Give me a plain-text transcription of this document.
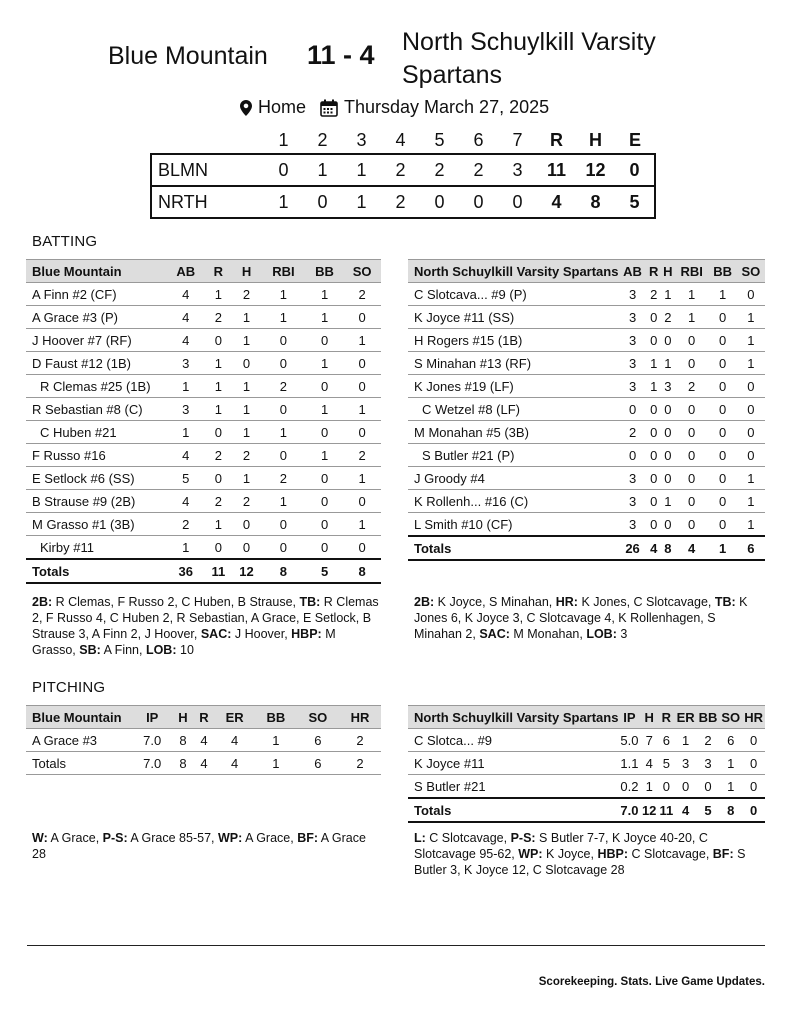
Blue Mountain 11 - 4 North Schuylkill Varsity Spartans
Home Thursday March 27, 2025
	1	2	3	4	5	6	7	R	H	E
BLMN	0	1	1	2	2	2	3	11	12	0
NRTH	1	0	1	2	0	0	0	4	8	5
BATTING
Blue Mountain	AB	R	H	RBI	BB	SO
A Finn #2 (CF)	4	1	2	1	1	2
A Grace #3 (P)	4	2	1	1	1	0
J Hoover #7 (RF)	4	0	1	0	0	1
D Faust #12 (1B)	3	1	0	0	1	0
R Clemas #25 (1B)	1	1	1	2	0	0
R Sebastian #8 (C)	3	1	1	0	1	1
C Huben #21	1	0	1	1	0	0
F Russo #16	4	2	2	0	1	2
E Setlock #6 (SS)	5	0	1	2	0	1
B Strause #9 (2B)	4	2	2	1	0	0
M Grasso #1 (3B)	2	1	0	0	0	1
Kirby #11	1	0	0	0	0	0
Totals	36	11	12	8	5	8
North Schuylkill Varsity Spartans	AB	R	H	RBI	BB	SO
C Slotcava... #9 (P)	3	2	1	1	1	0
K Joyce #11 (SS)	3	0	2	1	0	1
H Rogers #15 (1B)	3	0	0	0	0	1
S Minahan #13 (RF)	3	1	1	0	0	1
K Jones #19 (LF)	3	1	3	2	0	0
C Wetzel #8 (LF)	0	0	0	0	0	0
M Monahan #5 (3B)	2	0	0	0	0	0
S Butler #21 (P)	0	0	0	0	0	0
J Groody #4	3	0	0	0	0	1
K Rollenh... #16 (C)	3	0	1	0	0	1
L Smith #10 (CF)	3	0	0	0	0	1
Totals	26	4	8	4	1	6
2B: R Clemas, F Russo 2, C Huben, B Strause, TB: R Clemas 2, F Russo 4, C Huben 2, R Sebastian, A Grace, E Setlock, B Strause 3, A Finn 2, J Hoover, SAC: J Hoover, HBP: M Grasso, SB: A Finn, LOB: 10
2B: K Joyce, S Minahan, HR: K Jones, C Slotcavage, TB: K Jones 6, K Joyce 3, C Slotcavage 4, K Rollenhagen, S Minahan 2, SAC: M Monahan, LOB: 3
PITCHING
Blue Mountain	IP	H	R	ER	BB	SO	HR
A Grace #3	7.0	8	4	4	1	6	2
Totals	7.0	8	4	4	1	6	2
North Schuylkill Varsity Spartans	IP	H	R	ER	BB	SO	HR
C Slotca... #9	5.0	7	6	1	2	6	0
K Joyce #11	1.1	4	5	3	3	1	0
S Butler #21	0.2	1	0	0	0	1	0
Totals	7.0	12	11	4	5	8	0
W: A Grace, P-S: A Grace 85-57, WP: A Grace, BF: A Grace 28
L: C Slotcavage, P-S: S Butler 7-7, K Joyce 40-20, C Slotcavage 95-62, WP: K Joyce, HBP: C Slotcavage, BF: S Butler 3, K Joyce 12, C Slotcavage 28
Scorekeeping. Stats. Live Game Updates.
